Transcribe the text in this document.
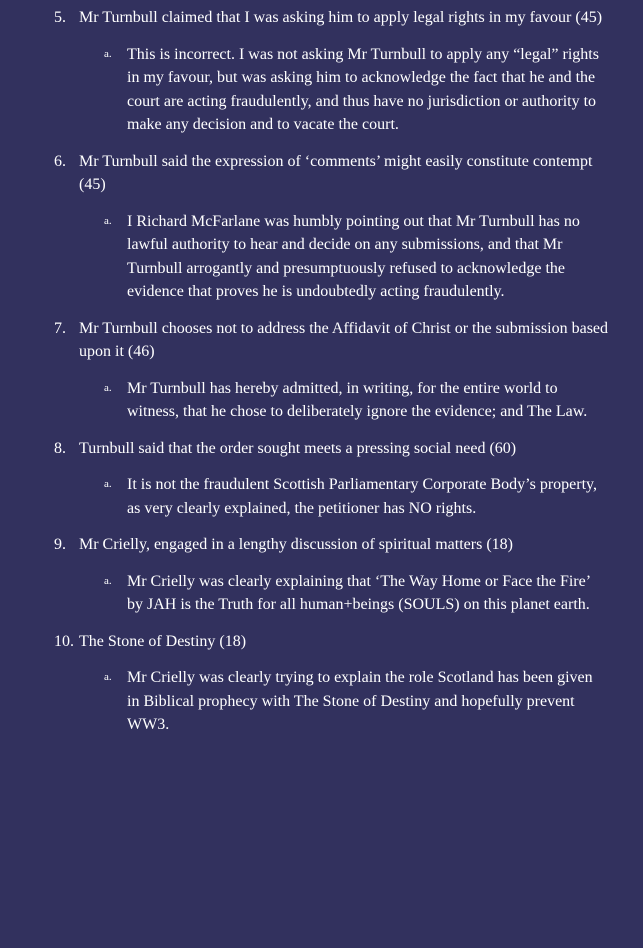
5. Mr Turnbull claimed that I was asking him to apply legal rights in my favour (45)
a. This is incorrect. I was not asking Mr Turnbull to apply any “legal” rights in my favour, but was asking him to acknowledge the fact that he and the court are acting fraudulently, and thus have no jurisdiction or authority to make any decision and to vacate the court.
6. Mr Turnbull said the expression of ‘comments’ might easily constitute contempt (45)
a. I Richard McFarlane was humbly pointing out that Mr Turnbull has no lawful authority to hear and decide on any submissions, and that Mr Turnbull arrogantly and presumptuously refused to acknowledge the evidence that proves he is undoubtedly acting fraudulently.
7. Mr Turnbull chooses not to address the Affidavit of Christ or the submission based upon it (46)
a. Mr Turnbull has hereby admitted, in writing, for the entire world to witness, that he chose to deliberately ignore the evidence; and The Law.
8. Turnbull said that the order sought meets a pressing social need (60)
a. It is not the fraudulent Scottish Parliamentary Corporate Body’s property, as very clearly explained, the petitioner has NO rights.
9. Mr Crielly, engaged in a lengthy discussion of spiritual matters (18)
a. Mr Crielly was clearly explaining that ‘The Way Home or Face the Fire’ by JAH is the Truth for all human+beings (SOULS) on this planet earth.
10. The Stone of Destiny (18)
a. Mr Crielly was clearly trying to explain the role Scotland has been given in Biblical prophecy with The Stone of Destiny and hopefully prevent WW3.
